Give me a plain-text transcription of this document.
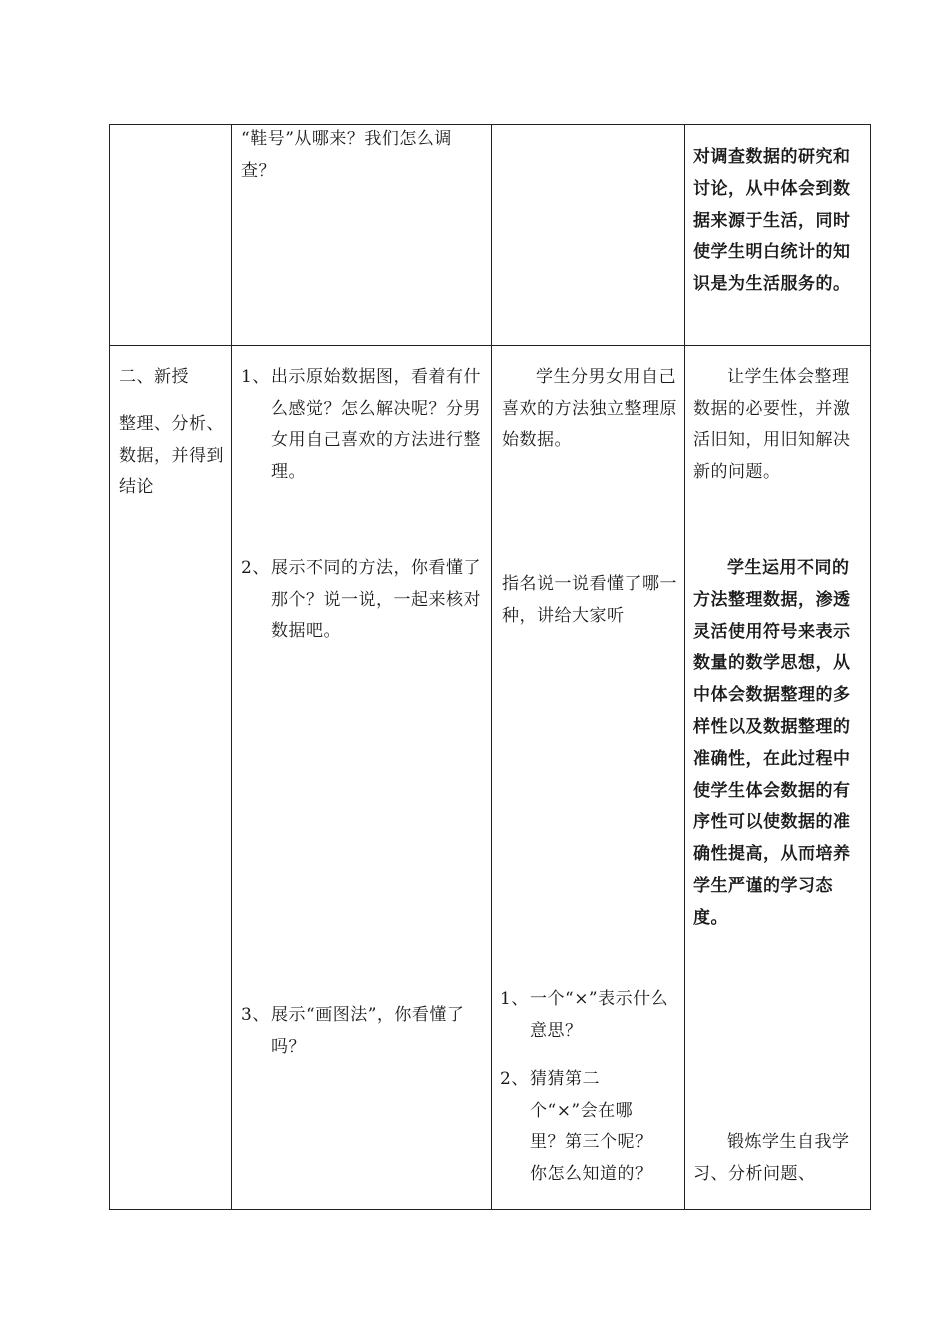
“鞋号”从哪来？我们怎么调查？
对调查数据的研究和讨论，从中体会到数据来源于生活，同时使学生明白统计的知识是为生活服务的。
二、新授
整理、分析、数据，并得到结论
1、 出示原始数据图，看着有什么感觉？怎么解决呢？分男女用自己喜欢的方法进行整理。
2、 展示不同的方法，你看懂了那个？说一说，一起来核对数据吧。
3、 展示“画图法”，你看懂了吗？
学生分男女用自己喜欢的方法独立整理原始数据。
指名说一说看懂了哪一种，讲给大家听
1、 一个“×”表示什么意思？
2、 猜猜第二个“×”会在哪里？第三个呢？你怎么知道的？
让学生体会整理数据的必要性，并激活旧知，用旧知解决新的问题。
学生运用不同的方法整理数据，渗透灵活使用符号来表示数量的数学思想，从中体会数据整理的多样性以及数据整理的准确性，在此过程中使学生体会数据的有序性可以使数据的准确性提高，从而培养学生严谨的学习态度。
锻炼学生自我学习、分析问题、
